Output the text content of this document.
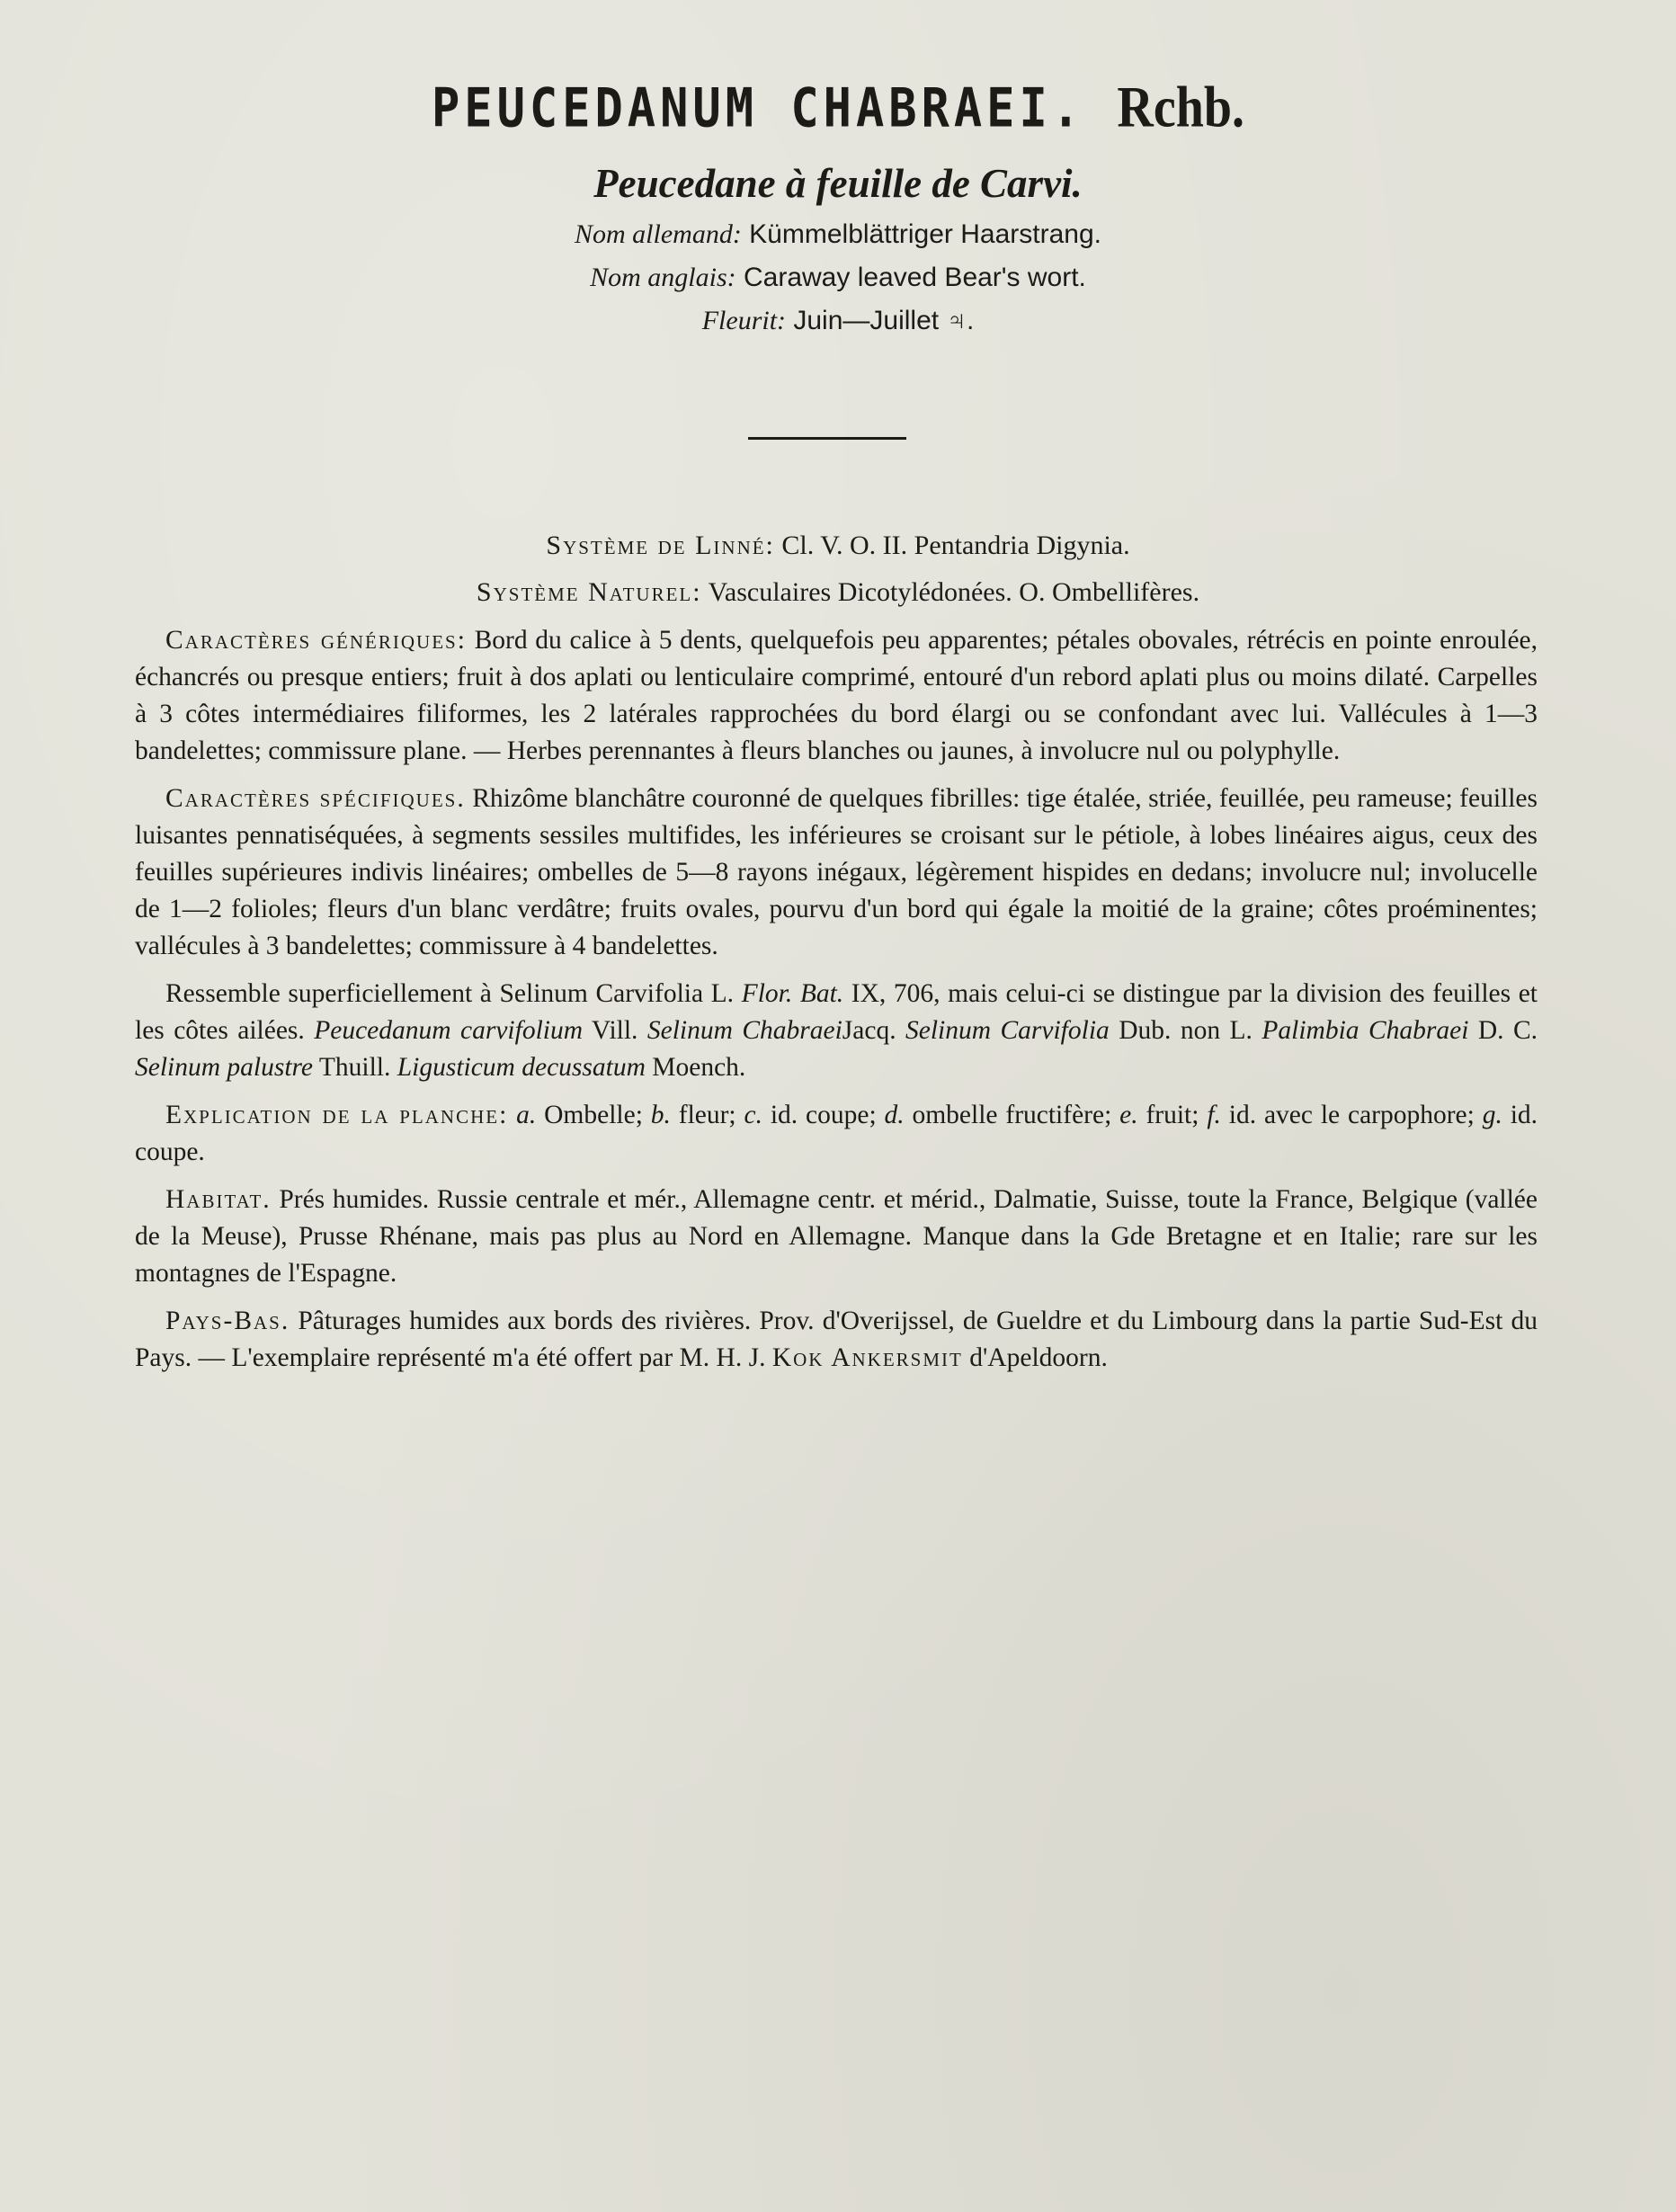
PEUCEDANUM CHABRAEI. Rchb.
Peucedane à feuille de Carvi.
Nom allemand: Kümmelblättriger Haarstrang.
Nom anglais: Caraway leaved Bear's wort.
Fleurit: Juin—Juillet ♃.
Système de Linné: Cl. V. O. II. Pentandria Digynia.
Système Naturel: Vasculaires Dicotylédonées. O. Ombellifères.

Caractères génériques: Bord du calice à 5 dents, quelquefois peu apparentes; pétales obovales, rétrécis en pointe enroulée, échancrés ou presque entiers; fruit à dos aplati ou lenticulaire comprimé, entouré d'un rebord aplati plus ou moins dilaté. Carpelles à 3 côtes intermédiaires filiformes, les 2 latérales rapprochées du bord élargi ou se confondant avec lui. Vallécules à 1—3 bandelettes; commissure plane. — Herbes perennantes à fleurs blanches ou jaunes, à involucre nul ou polyphylle.

Caractères spécifiques. Rhizôme blanchâtre couronné de quelques fibrilles: tige étalée, striée, feuillée, peu rameuse; feuilles luisantes pennatiséquées, à segments sessiles multifides, les inférieures se croisant sur le pétiole, à lobes linéaires aigus, ceux des feuilles supérieures indivis linéaires; ombelles de 5—8 rayons inégaux, légèrement hispides en dedans; involucre nul; involucelle de 1—2 folioles; fleurs d'un blanc verdâtre; fruits ovales, pourvu d'un bord qui égale la moitié de la graine; côtes proéminentes; vallécules à 3 bandelettes; commissure à 4 bandelettes.

Ressemble superficiellement à Selinum Carvifolia L. Flor. Bat. IX, 706, mais celui-ci se distingue par la division des feuilles et les côtes ailées. Peucedanum carvifolium Vill. Selinum ChabraeiJacq. Selinum Carvifolia Dub. non L. Palimbia Chabraei D. C. Selinum palustre Thuill. Ligusticum decussatum Moench.

Explication de la planche: a. Ombelle; b. fleur; c. id. coupe; d. ombelle fructifère; e. fruit; f. id. avec le carpophore; g. id. coupe.

Habitat. Prés humides. Russie centrale et mér., Allemagne centr. et mérid., Dalmatie, Suisse, toute la France, Belgique (vallée de la Meuse), Prusse Rhénane, mais pas plus au Nord en Allemagne. Manque dans la Gde Bretagne et en Italie; rare sur les montagnes de l'Espagne.

Pays-Bas. Pâturages humides aux bords des rivières. Prov. d'Overijssel, de Gueldre et du Limbourg dans la partie Sud-Est du Pays. — L'exemplaire représenté m'a été offert par M. H. J. Kok Ankersmit d'Apeldoorn.
